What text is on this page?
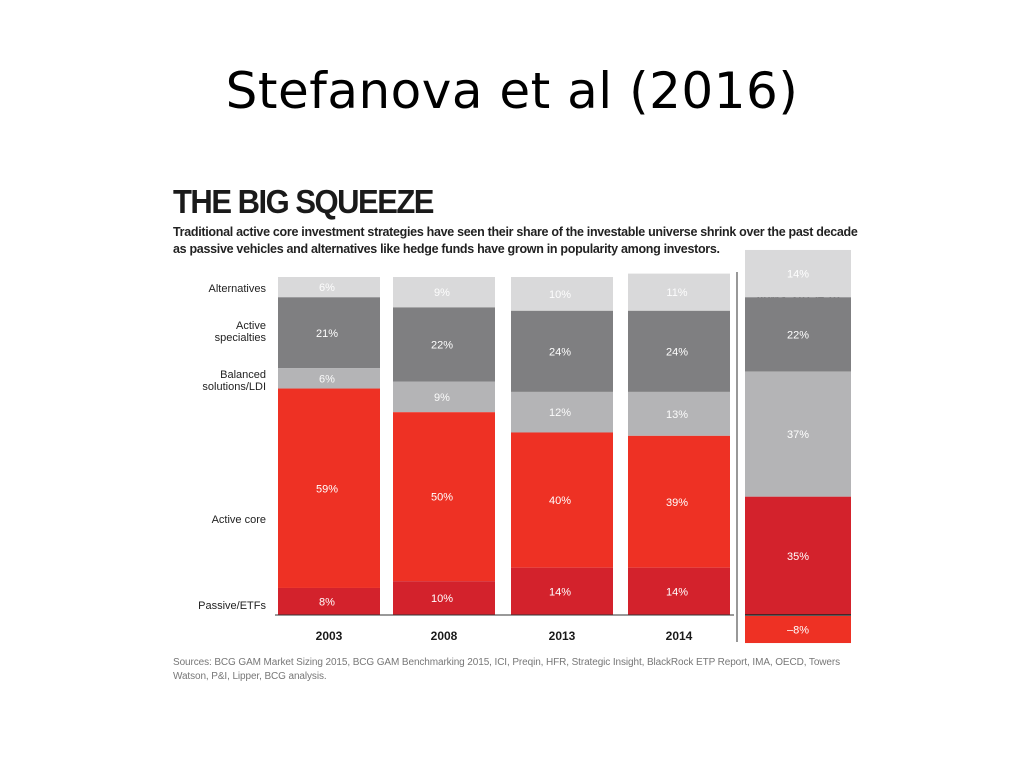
Stefanova et al (2016)
THE BIG SQUEEZE
Traditional active core investment strategies have seen their share of the investable universe shrink over the past decade as passive vehicles and alternatives like hedge funds have grown in popularity among investors.
6%
21%
6%
59%
8%
2003
9%
22%
9%
50%
10%
2008
10%
24%
12%
40%
14%
2013
11%
24%
13%
39%
14%
2014
Alternatives
Active
specialties
Balanced
solutions/LDI
Active core
Passive/ETFs
14%
22%
37%
35%
–8%
Sources: BCG GAM Market Sizing 2015, BCG GAM Benchmarking 2015, ICI, Preqin, HFR, Strategic Insight, BlackRock ETP Report, IMA, OECD, Towers Watson, P&I, Lipper, BCG analysis.
